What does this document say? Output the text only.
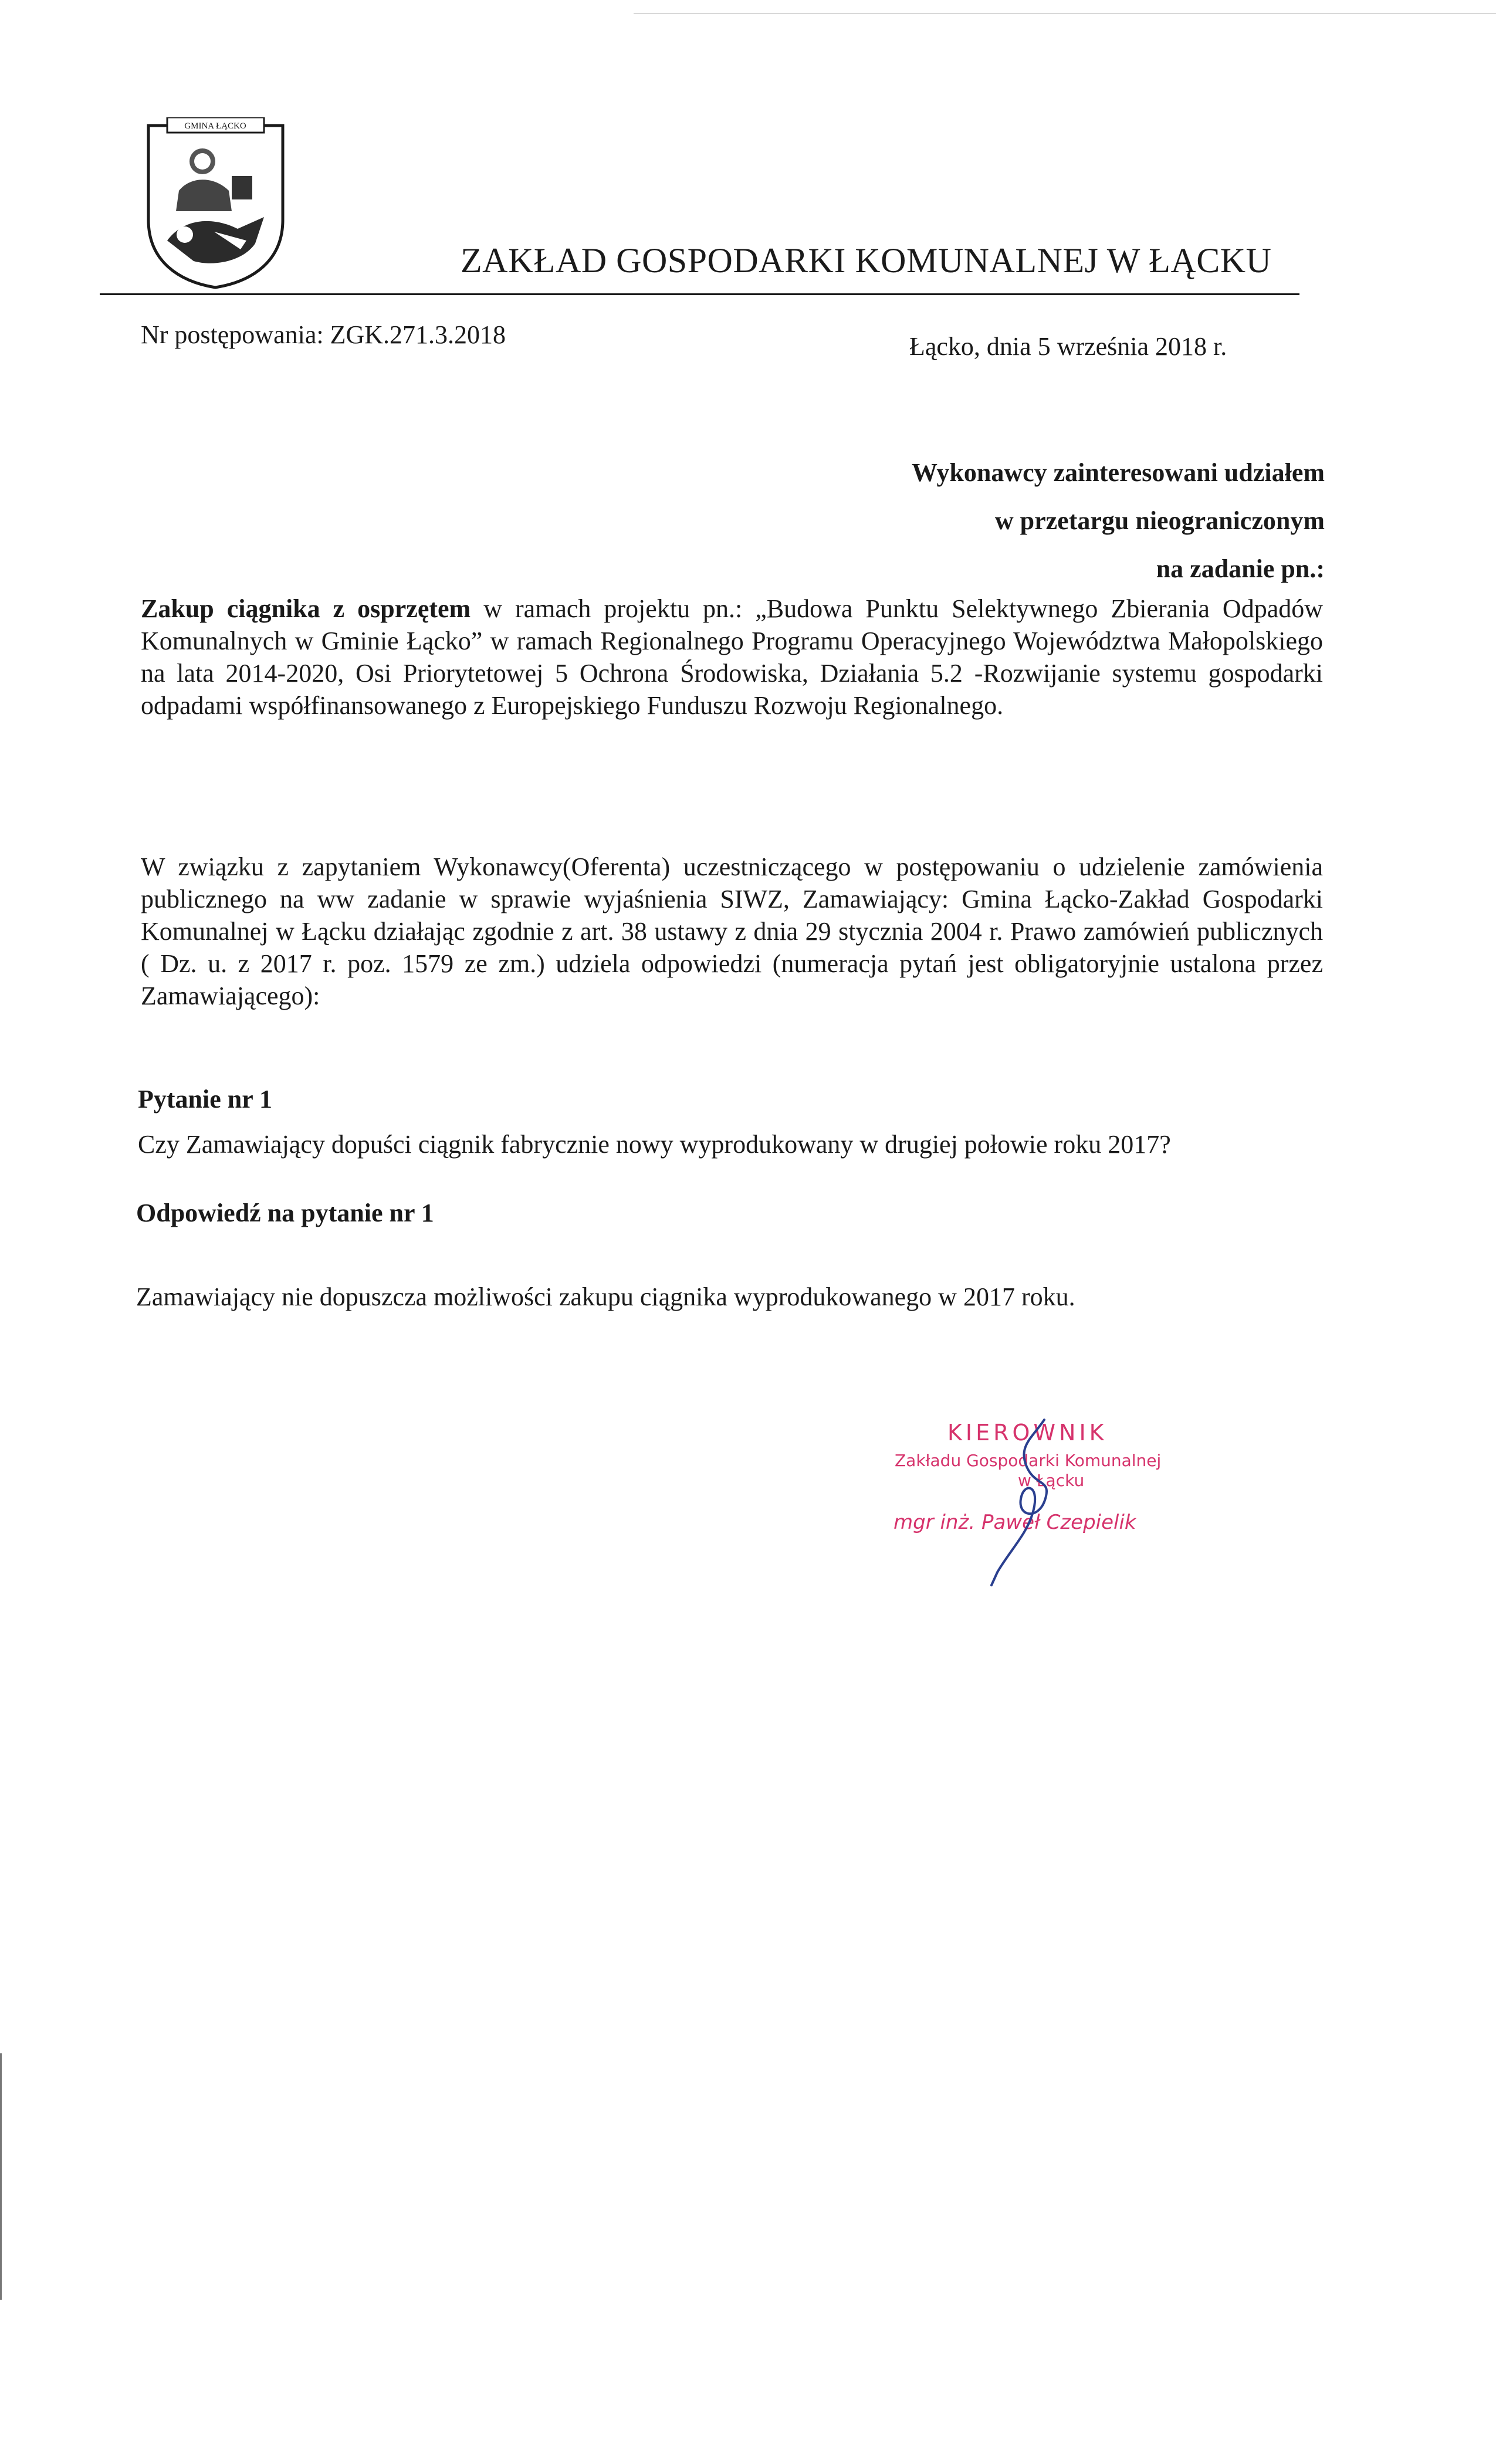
GMINA ŁĄCKO
ZAKŁAD GOSPODARKI KOMUNALNEJ W ŁĄCKU
Nr postępowania: ZGK.271.3.2018	Łącko, dnia 5 września 2018 r.
Wykonawcy zainteresowani udziałem
w przetargu nieograniczonym
na zadanie pn.:
Zakup ciągnika z osprzętem w ramach projektu pn.: „Budowa Punktu Selektywnego Zbierania Odpadów Komunalnych w Gminie Łącko” w ramach Regionalnego Programu Operacyjnego Województwa Małopolskiego na lata 2014-2020, Osi Priorytetowej 5 Ochrona Środowiska, Działania 5.2 -Rozwijanie systemu gospodarki odpadami współfinansowanego z Europejskiego Funduszu Rozwoju Regionalnego.
W związku z zapytaniem Wykonawcy(Oferenta) uczestniczącego w postępowaniu o udzielenie zamówienia publicznego na ww zadanie w sprawie wyjaśnienia SIWZ, Zamawiający: Gmina Łącko-Zakład Gospodarki Komunalnej w Łącku działając zgodnie z art. 38 ustawy z dnia 29 stycznia 2004 r. Prawo zamówień publicznych ( Dz. u. z 2017 r. poz. 1579 ze zm.) udziela odpowiedzi (numeracja pytań jest obligatoryjnie ustalona przez Zamawiającego):
Pytanie nr 1
Czy Zamawiający dopuści ciągnik fabrycznie nowy wyprodukowany w drugiej połowie roku 2017?
Odpowiedź na pytanie nr 1
Zamawiający nie dopuszcza możliwości zakupu ciągnika wyprodukowanego w 2017 roku.
KIEROWNIK
Zakładu Gospodarki Komunalnej
w Łącku
mgr inż. Paweł Czepielik
